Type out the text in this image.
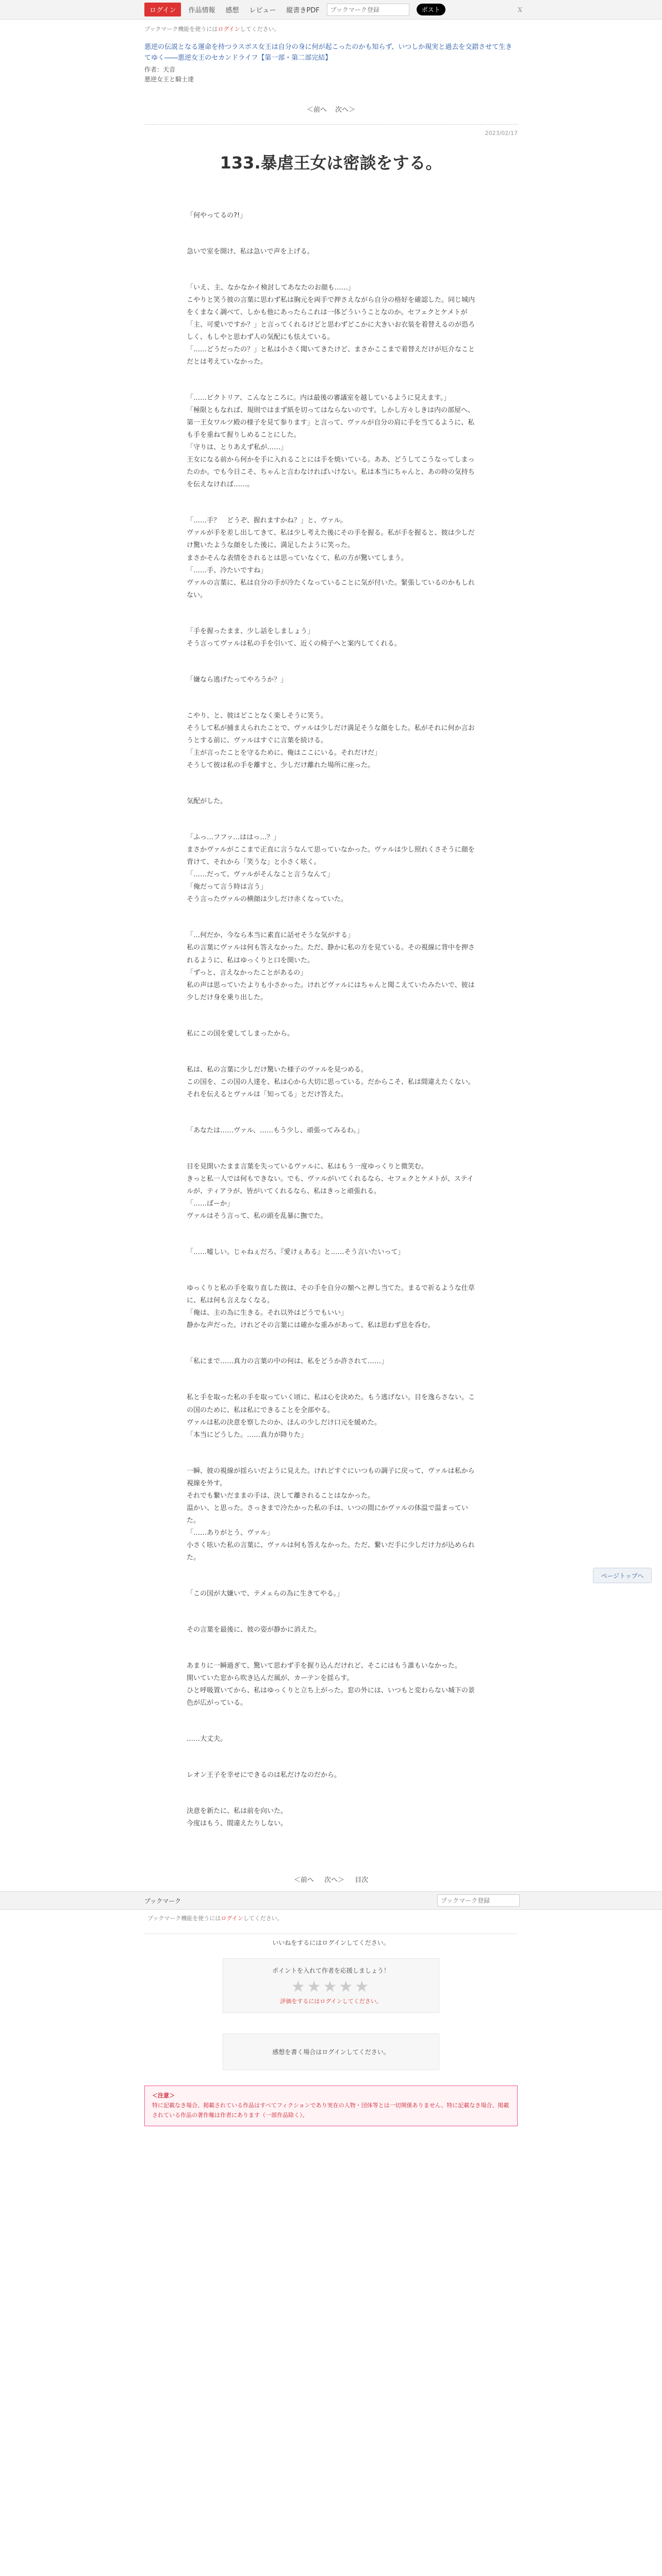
ログイン	作品情報	感想	レビュー	縦書きPDF
ブックマーク登録	ポスト	Ｘ
ブックマーク機能を使うにはログインしてください。
悪逆の伝説となる運命を持つラスボス女王は自分の身に何が起こったのかも知らず、いつしか現実と過去を交錯させて生きてゆく――悪逆女王のセカンドライフ【第一部・第二部完結】
作者：天音
悪逆女王と騎士達
＜前へ 次へ＞
2023/02/17
133.暴虐王女は密談をする。

「何やってるの?!」

急いで室を開け、私は急いで声を上げる。

「いえ、主、なかなかイ検討してあなたのお顔も……」
こやりと笑う彼の言葉に思わず私は胸元を両手で押さえながら自分の格好を確認した。同じ城内をくまなく調べて、しかも他にあったらこれは一体どういうことなのか。セフェクとケメトが「主、可愛いですか？」と言ってくれるけどと思わずどこかに大きいお衣装を着替えるのが恐ろしく、もしやと思わず人の気配にも怯えている。
「……どうだったの？」と私は小さく聞いてきたけど、まさかここまで着替えだけが厄介なことだとは考えていなかった。

「……ビクトリア、こんなところに。内は最後の審議室を越しているように見えます。」
「極限ともなれば、規則ではまず紙を切ってはならないのです。しかし方々しきは内の部屋へ、第一王女ワルツ殿の様子を見て参ります」と言って、ヴァルが自分の肩に手を当てるように、私も手を重ねて握りしめることにした。
「守りは、とりあえず私が……」
王女になる前から何かを手に入れることには手を焼いている。ああ、どうしてこうなってしまったのか。でも今日こそ、ちゃんと言わなければいけない。私は本当にちゃんと、あの時の気持ちを伝えなければ……。

「……手？　どうぞ、握れますかね？」と、ヴァル。
ヴァルが手を差し出してきて、私は少し考えた後にその手を握る。私が手を握ると、彼は少しだけ驚いたような顔をした後に、満足したように笑った。
まさかそんな表情をされるとは思っていなくて、私の方が驚いてしまう。
「……手、冷たいですね」
ヴァルの言葉に、私は自分の手が冷たくなっていることに気が付いた。緊張しているのかもしれない。

「手を握ったまま、少し話をしましょう」
そう言ってヴァルは私の手を引いて、近くの椅子へと案内してくれる。

「嫌なら逃げたってやろうか？」

こやり、と、彼はどことなく楽しそうに笑う。
そうして私が捕まえられたことで、ヴァルは少しだけ満足そうな顔をした。私がそれに何か言おうとする前に、ヴァルはすぐに言葉を続ける。
「主が言ったことを守るために、俺はここにいる。それだけだ」
そうして彼は私の手を離すと、少しだけ離れた場所に座った。

気配がした。

「ふっ…フフッ…ははっ…？」
まさかヴァルがここまで正直に言うなんて思っていなかった。ヴァルは少し照れくさそうに顔を背けて、それから「笑うな」と小さく呟く。
「……だって、ヴァルがそんなこと言うなんて」
「俺だって言う時は言う」
そう言ったヴァルの横顔は少しだけ赤くなっていた。

「…何だか、今なら本当に素直に話せそうな気がする」
私の言葉にヴァルは何も答えなかった。ただ、静かに私の方を見ている。その視線に背中を押されるように、私はゆっくりと口を開いた。
「ずっと、言えなかったことがあるの」
私の声は思っていたよりも小さかった。けれどヴァルにはちゃんと聞こえていたみたいで、彼は少しだけ身を乗り出した。

私にこの国を愛してしまったから。

私は、私の言葉に少しだけ驚いた様子のヴァルを見つめる。
この国を、この国の人達を、私は心から大切に思っている。だからこそ、私は間違えたくない。
それを伝えるとヴァルは「知ってる」とだけ答えた。

「あなたは……ヴァル、……もう少し、頑張ってみるわ。」

目を見開いたまま言葉を失っているヴァルに、私はもう一度ゆっくりと微笑む。
きっと私一人では何もできない。でも、ヴァルがいてくれるなら、セフェクとケメトが、ステイルが、ティアラが、皆がいてくれるなら、私はきっと頑張れる。
「……ばーか」
ヴァルはそう言って、私の頭を乱暴に撫でた。

「……嘘しい。じゃねぇだろ、『愛けぇある』と……そう言いたいって」

ゆっくりと私の手を取り直した彼は、その手を自分の額へと押し当てた。まるで祈るような仕草に、私は何も言えなくなる。
「俺は、主の為に生きる。それ以外はどうでもいい」
静かな声だった。けれどその言葉には確かな重みがあって、私は思わず息を呑む。

「私にまで……真力の言葉の中の何は、私をどうか許されて……」

私と手を取った私の手を取っていく頃に、私は心を決めた。もう逃げない。目を逸らさない。この国のために、私は私にできることを全部やる。
ヴァルは私の決意を察したのか、ほんの少しだけ口元を緩めた。
「本当にどうした。……真力が降りた」

一瞬、彼の視線が揺らいだように見えた。けれどすぐにいつもの調子に戻って、ヴァルは私から視線を外す。
それでも繋いだままの手は、決して離されることはなかった。
温かい、と思った。さっきまで冷たかった私の手は、いつの間にかヴァルの体温で温まっていた。
「……ありがとう、ヴァル」
小さく呟いた私の言葉に、ヴァルは何も答えなかった。ただ、繋いだ手に少しだけ力が込められた。

「この国が大嫌いで、テメェらの為に生きてやる。」

その言葉を最後に、彼の姿が静かに消えた。

あまりに一瞬過ぎて、驚いて思わず手を握り込んだけれど、そこにはもう誰もいなかった。
開いていた窓から吹き込んだ風が、カーテンを揺らす。
ひと呼吸置いてから、私はゆっくりと立ち上がった。窓の外には、いつもと変わらない城下の景色が広がっている。

……大丈夫。

レオン王子を幸せにできるのは私だけなのだから。

決意を新たに、私は前を向いた。
今度はもう、間違えたりしない。

＜前へ 次へ＞ 目次
ブックマーク
ブックマーク登録
ブックマーク機能を使うにはログインしてください。
いいねをするにはログインしてください。
ポイントを入れて作者を応援しましょう！
★★★★★
評価をするにはログインしてください。
感想を書く場合はログインしてください。
＜注意＞
特に記載なき場合、掲載されている作品はすべてフィクションであり実在の人物・団体等とは一切関係ありません。特に記載なき場合、掲載されている作品の著作権は作者にあります（一部作品除く）。
ページトップへ
